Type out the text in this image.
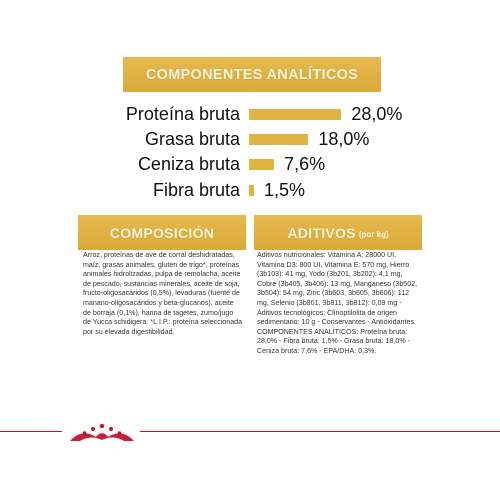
COMPONENTES ANALÍTICOS
Proteína bruta	28,0%
Grasa bruta	18,0%
Ceniza bruta 7,6%
Fibra bruta 1,5%
COMPOSICIÓN
Arroz, proteínas de ave de corral deshidratadas, maíz, grasas animales, gluten de trigo*, proteínas animales hidrolizadas, pulpa de remolacha, aceite de pescado, sustancias minerales, aceite de soja, fructo-oligosacáridos (0,5%), levaduras (fuente de manano-oligosacáridos y beta-glucanos), aceite de borraja (0,1%), harina de tagetes, zumo/jugo de Yucca schidigera. *L.I.P.: proteína seleccionada por su elevada digestibilidad.
ADITIVOS (por kg)
Aditivos nutricionales: Vitamina A: 28000 UI, Vitamina D3: 800 UI, Vitamina E: 570 mg, Hierro (3b103): 41 mg, Yodo (3b201, 3b202): 4,1 mg, Cobre (3b405, 3b406): 13 mg, Manganeso (3b502, 3b504): 54 mg, Zinc (3b603, 3b605, 3b606): 112 mg, Selenio (3b801, 3b811, 3b812): 0,09 mg - Aditivos tecnológicos: Clinoptilolita de origen sedimentario: 10 g - Conservantes - Antioxidantes. COMPONENTES ANALÍTICOS: Proteína bruta: 28,0% - Fibra bruta: 1,5% - Grasa bruta: 18,0% - Ceniza bruta: 7,6% - EPA/DHA: 0,3%.
